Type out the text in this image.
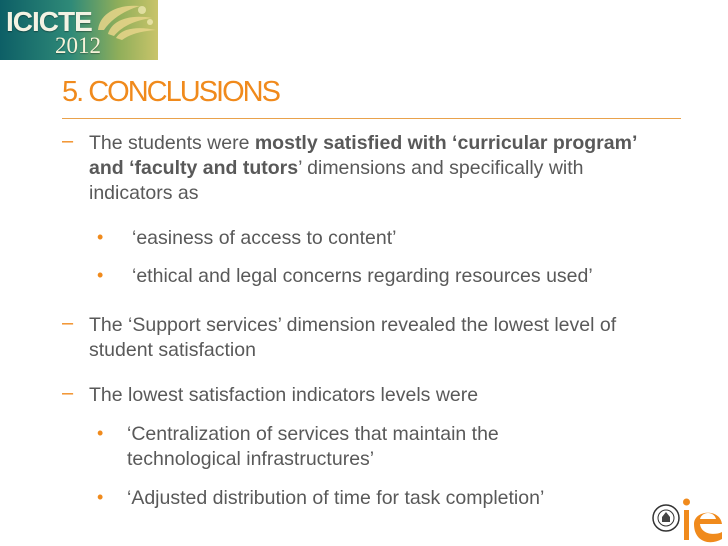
ICICTE
2012
5. CONCLUSIONS
– The students were mostly satisfied with ‘curricular program’ and ‘faculty and tutors’ dimensions and specifically with indicators as
• ‘easiness of access to content’
• ‘ethical and legal concerns regarding resources used’
– The ‘Support services’ dimension revealed the lowest level of student satisfaction
– The lowest satisfaction indicators levels were
• ‘Centralization of services that maintain the technological infrastructures’
• ‘Adjusted distribution of time for task completion’
